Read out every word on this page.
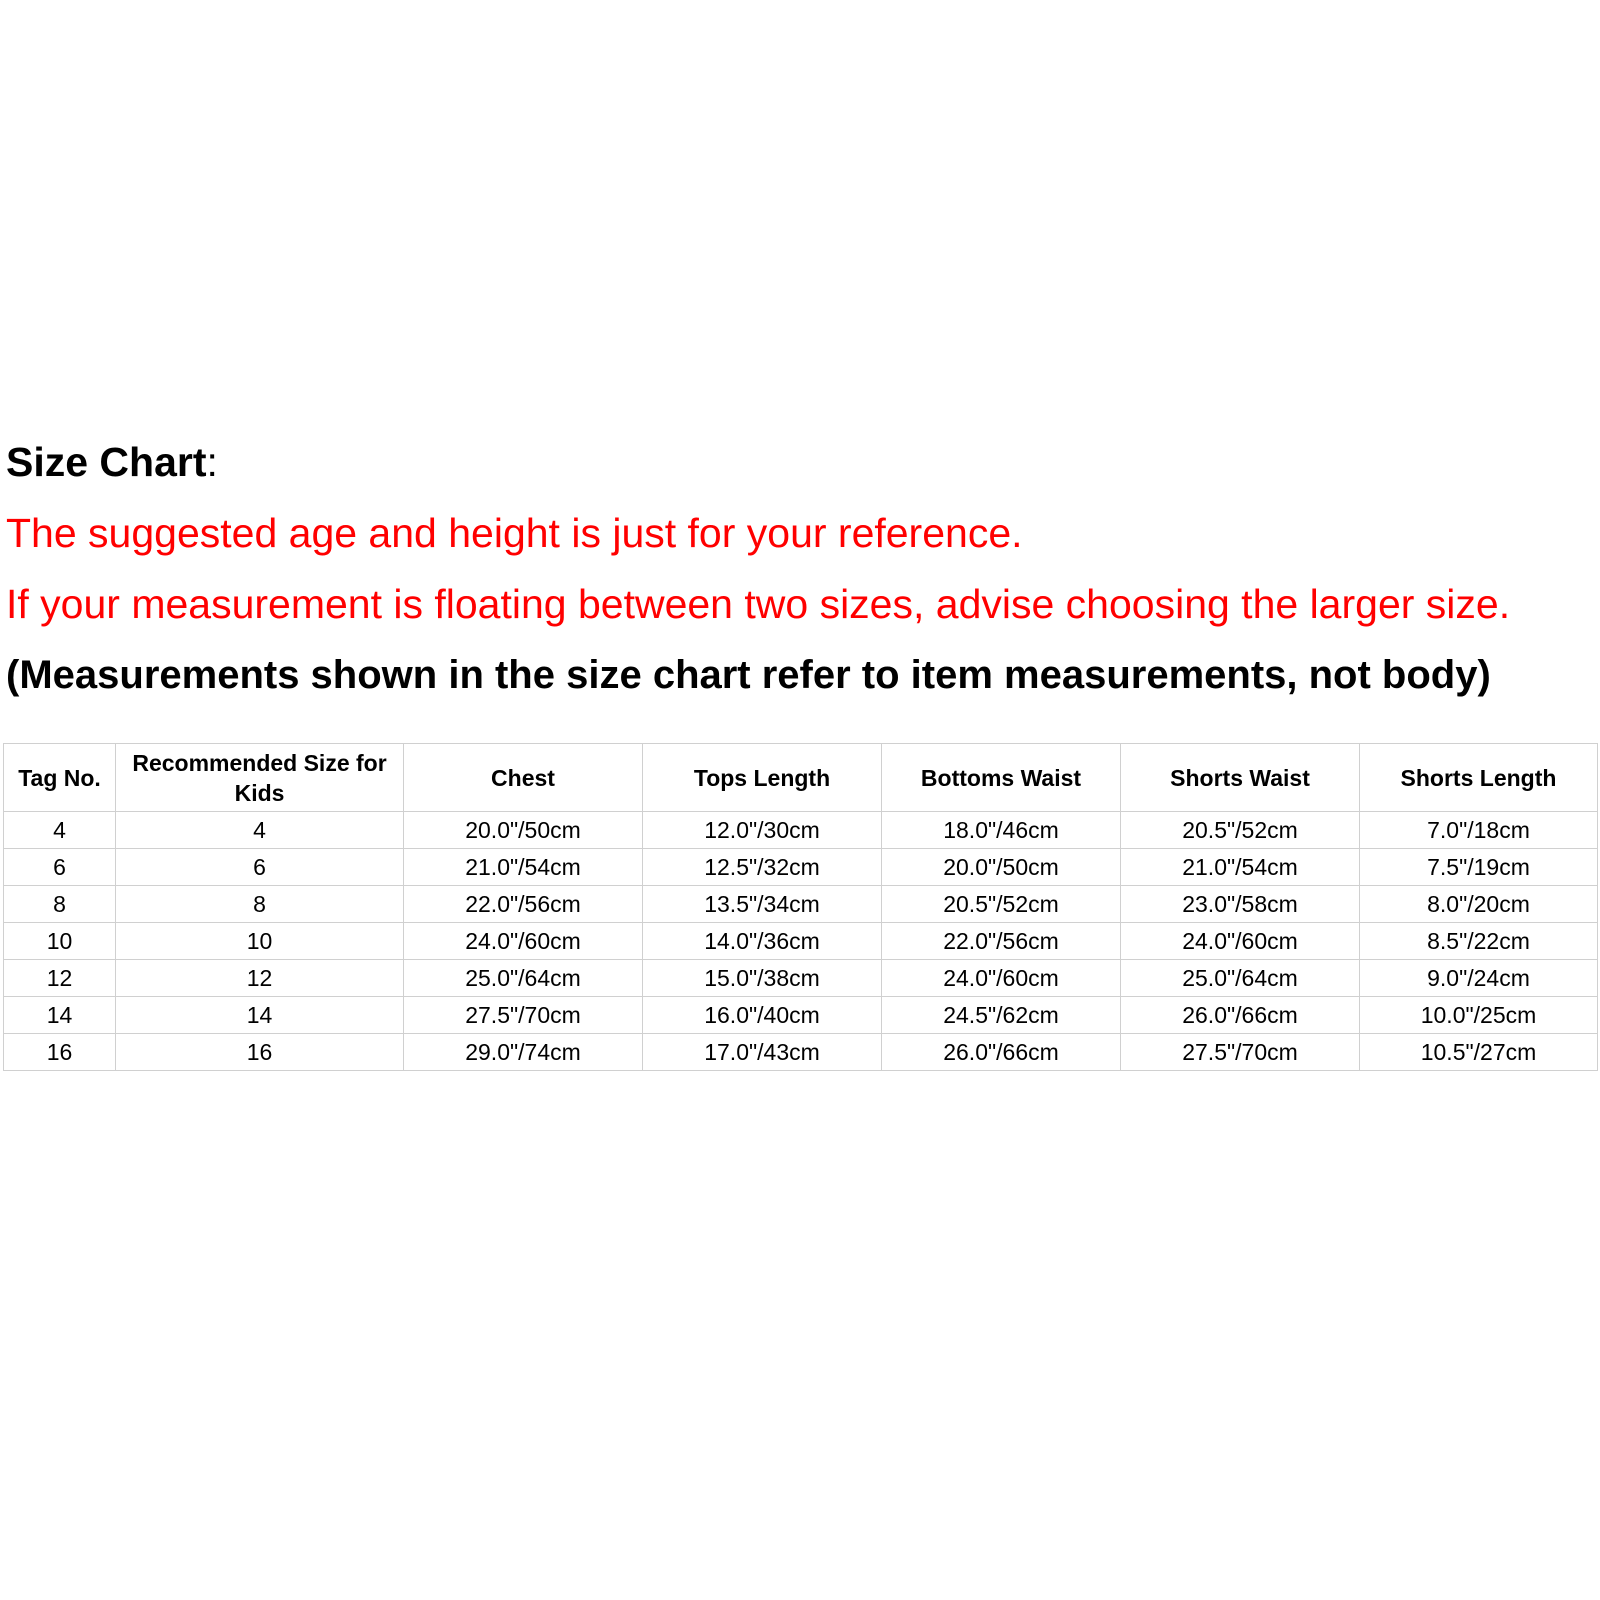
Size Chart:

The suggested age and height is just for your reference.

If your measurement is floating between two sizes, advise choosing the larger size.

(Measurements shown in the size chart refer to item measurements, not body)

Tag No.	Recommended Size for Kids	Chest	Tops Length	Bottoms Waist	Shorts Waist	Shorts Length
4	4	20.0"/50cm	12.0"/30cm	18.0"/46cm	20.5"/52cm	7.0"/18cm
6	6	21.0"/54cm	12.5"/32cm	20.0"/50cm	21.0"/54cm	7.5"/19cm
8	8	22.0"/56cm	13.5"/34cm	20.5"/52cm	23.0"/58cm	8.0"/20cm
10	10	24.0"/60cm	14.0"/36cm	22.0"/56cm	24.0"/60cm	8.5"/22cm
12	12	25.0"/64cm	15.0"/38cm	24.0"/60cm	25.0"/64cm	9.0"/24cm
14	14	27.5"/70cm	16.0"/40cm	24.5"/62cm	26.0"/66cm	10.0"/25cm
16	16	29.0"/74cm	17.0"/43cm	26.0"/66cm	27.5"/70cm	10.5"/27cm
